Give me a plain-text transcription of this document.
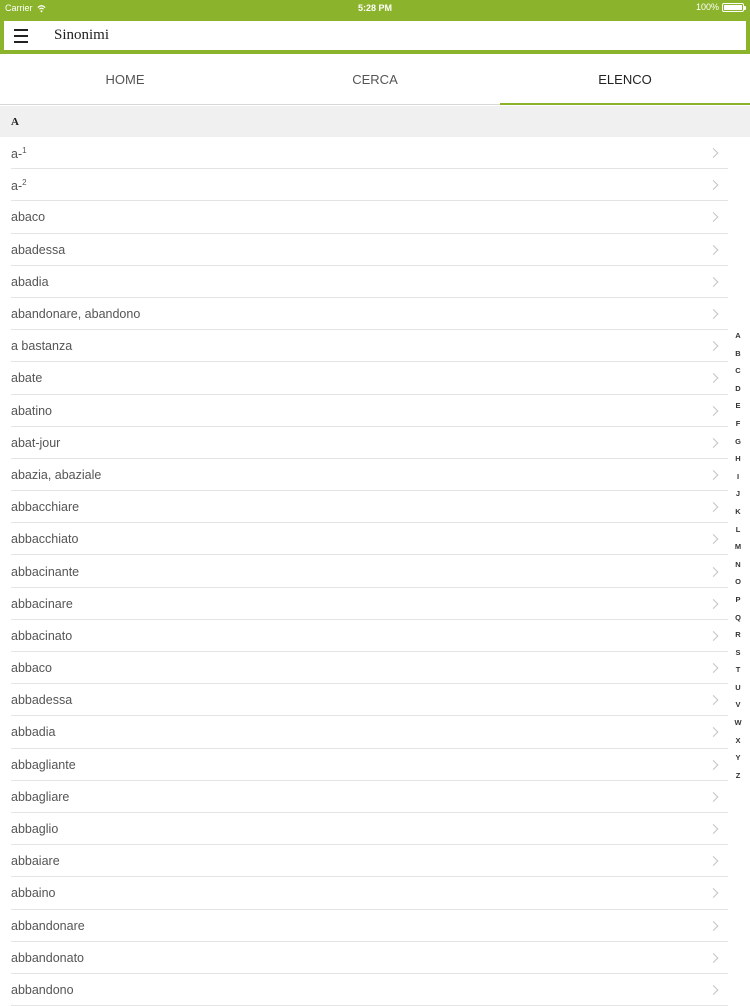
Carrier	5:28 PM	100%
Sinonimi
HOME	CERCA	ELENCO
A
a-$^1$
a-$^2$
abaco
abadessa
abadia
abandonare, abandono
a bastanza
abate
abatino
abat-jour
abazia, abaziale
abbacchiare
abbacchiato
abbacinante
abbacinare
abbacinato
abbaco
abbadessa
abbadia
abbagliante
abbagliare
abbaglio
abbaiare
abbaino
abbandonare
abbandonato
abbandono
A
B
C
D
E
F
G
H
I
J
K
L
M
N
O
P
Q
R
S
T
U
V
W
X
Y
Z
